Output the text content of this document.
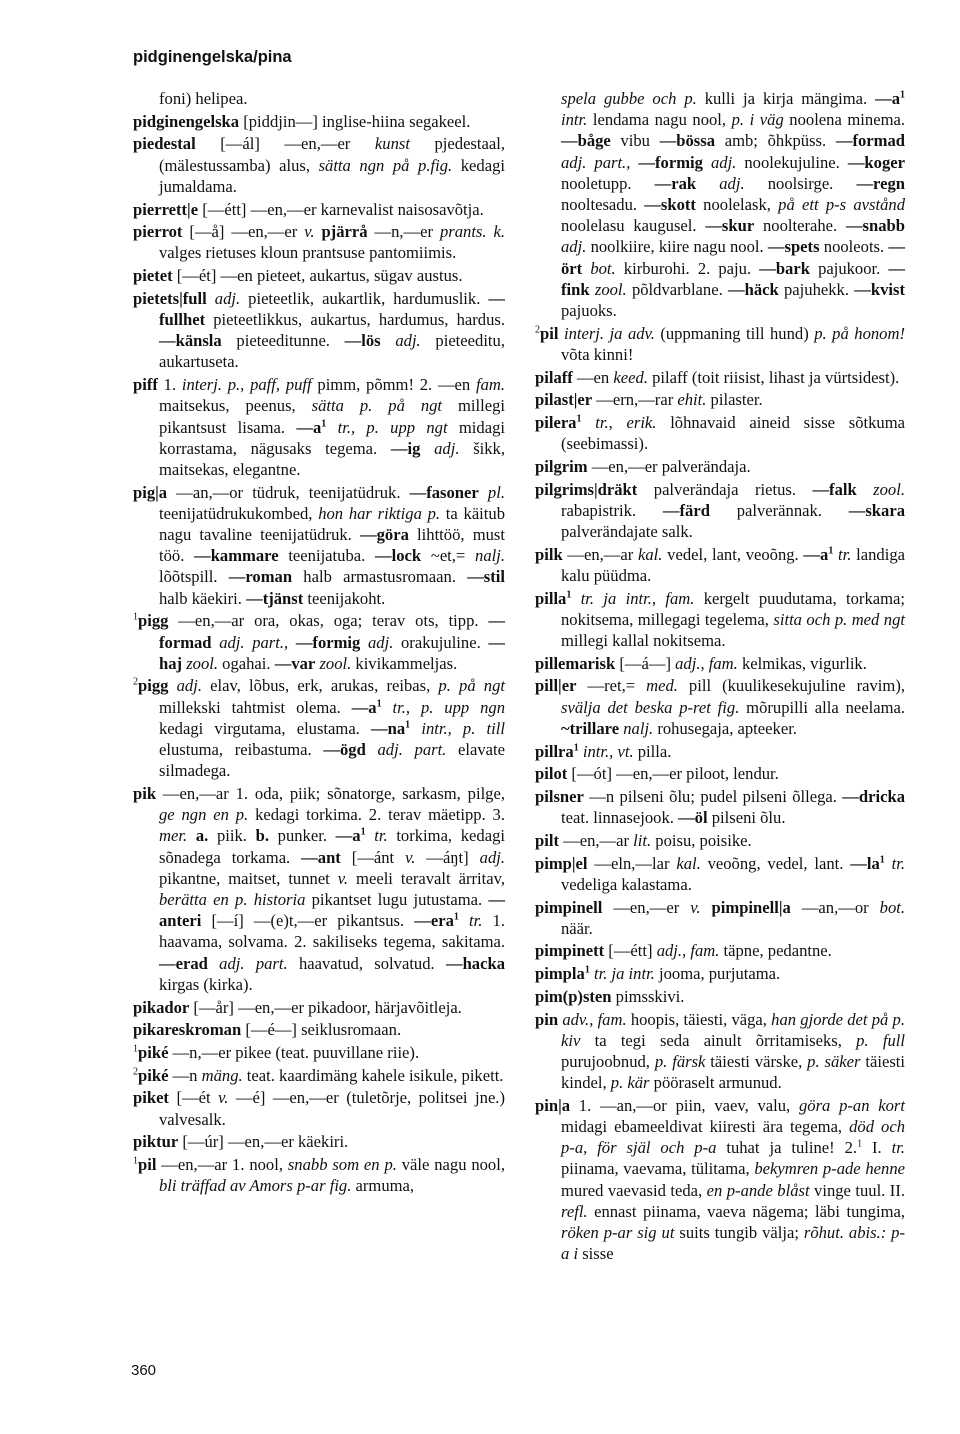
pidginengelska/pina
foni) helipea.
pidginengelska [piddjin—] inglise-hiina segakeel.
piedestal [—ál] —en,—er kunst pjedestaal, (mälestussamba) alus, sätta ngn på p.fig. kedagi jumaldama.
pierrett|e [—étt] —en,—er karnevalist naisosavõtja.
pierrot [—å] —en,—er v. pjärrå —n,—er prants. k. valges rietuses kloun prantsuse pantomiimis.
pietet [—ét] —en pieteet, aukartus, sügav austus.
pietets|full adj. pieteetlik, aukartlik, hardumuslik. —fullhet pieteetlikkus, aukartus, hardumus, hardus. —känsla pieteeditunne. —lös adj. pieteeditu, aukartuseta.
piff 1. interj. p., paff, puff pimm, põmm! 2. —en fam. maitsekus, peenus, sätta p. på ngt millegi pikantsust lisama. $—a^1$ tr., p. upp ngt midagi korrastama, nägusaks tegema. —ig adj. šikk, maitsekas, elegantne.
pig|a —an,—or tüdruk, teenijatüdruk. —fasoner pl. teenijatüdrukukombed, hon har riktiga p. ta käitub nagu tavaline teenijatüdruk. —göra lihttöö, must töö. —kammare teenijatuba. —lock ~et,= nalj. lõõtspill. —roman halb armastusromaan. —stil halb käekiri. —tjänst teenijakoht.
$^1$pigg —en,—ar ora, okas, oga; terav ots, tipp. —formad adj. part., —formig adj. orakujuline. —haj zool. ogahai. —var zool. kivikammeljas.
$^2$pigg adj. elav, lõbus, erk, arukas, reibas, p. på ngt millekski tahtmist olema. $—a^1$ tr., p. upp ngn kedagi virgutama, elustama. $—na^1$ intr., p. till elustuma, reibastuma. —ögd adj. part. elavate silmadega.
pik —en,—ar 1. oda, piik; sõnatorge, sarkasm, pilge, ge ngn en p. kedagi torkima. 2. terav mäetipp. 3. mer. a. piik. b. punker. $—a^1$ tr. torkima, kedagi sõnadega torkama. —ant [—ánt v. —áŋt] adj. pikantne, maitset, tunnet v. meeli teravalt ärritav, berätta en p. historia pikantset lugu jutustama. —anteri [—í] —(e)t,—er pikantsus. —era$^1$ tr. 1. haavama, solvama. 2. sakiliseks tegema, sakitama. —erad adj. part. haavatud, solvatud. —hacka kirgas (kirka).
pikador [—år] —en,—er pikadoor, härjavõitleja.
pikareskroman [—é—] seiklusromaan.
$^1$piké —n,—er pikee (teat. puuvillane riie).
$^2$piké —n mäng. teat. kaardimäng kahele isikule, pikett.
piket [—ét v. —é] —en,—er (tuletõrje, politsei jne.) valvesalk.
piktur [—úr] —en,—er käekiri.
$^1$pil —en,—ar 1. nool, snabb som en p. väle nagu nool, bli träffad av Amors p-ar fig. armuma,
spela gubbe och p. kulli ja kirja mängima. $—a^1$ intr. lendama nagu nool, p. i väg noolena minema. —båge vibu —bössa amb; õhkpüss. —formad adj. part., —formig adj. noolekujuline. —koger nooletupp. —rak adj. noolsirge. —regn nooltesadu. —skott noolelask, på ett p-s avstånd noolelasu kaugusel. —skur noolterahe. —snabb adj. noolkiire, kiire nagu nool. —spets nooleots. —ört bot. kirburohi. 2. paju. —bark pajukoor. —fink zool. põldvarblane. —häck pajuhekk. —kvist pajuoks.
$^2$pil interj. ja adv. (uppmaning till hund) p. på honom! võta kinni!
pilaff —en keed. pilaff (toit riisist, lihast ja vürtsidest).
pilast|er —ern,—rar ehit. pilaster.
pilera$^1$ tr., erik. lõhnavaid aineid sisse sõtkuma (seebimassi).
pilgrim —en,—er palverändaja.
pilgrims|dräkt palverändaja rietus. —falk zool. rabapistrik. —färd palverännak. —skara palverändajate salk.
pilk —en,—ar kal. vedel, lant, veoõng. $—a^1$ tr. landiga kalu püüdma.
pilla$^1$ tr. ja intr., fam. kergelt puudutama, torkama; nokitsema, millegagi tegelema, sitta och p. med ngt millegi kallal nokitsema.
pillemarisk [—á—] adj., fam. kelmikas, vigurlik.
pill|er —ret,= med. pill (kuulikesekujuline ravim), svälja det beska p-ret fig. mõrupilli alla neelama. ~trillare nalj. rohusegaja, apteeker.
pillra$^1$ intr., vt. pilla.
pilot [—ót] —en,—er piloot, lendur.
pilsner —n pilseni õlu; pudel pilseni õllega. —dricka teat. linnasejook. —öl pilseni õlu.
pilt —en,—ar lit. poisu, poisike.
pimp|el —eln,—lar kal. veoõng, vedel, lant. $—la^1$ tr. vedeliga kalastama.
pimpinell —en,—er v. pimpinell|a —an,—or bot. näär.
pimpinett [—étt] adj., fam. täpne, pedantne.
pimpla$^1$ tr. ja intr. jooma, purjutama.
pim(p)sten pimsskivi.
pin adv., fam. hoopis, täiesti, väga, han gjorde det på p. kiv ta tegi seda ainult õrritamiseks, p. full purujoobnud, p. färsk täiesti värske, p. säker täiesti kindel, p. kär pööraselt armunud.
pin|a 1. —an,—or piin, vaev, valu, göra p-an kort midagi ebameeldivat kiiresti ära tegema, död och p-a, för själ och p-a tuhat ja tuline! 2.$^1$ I. tr. piinama, vaevama, tülitama, bekymren p-ade henne mured vaevasid teda, en p-ande blåst vinge tuul. II. refl. ennast piinama, vaeva nägema; läbi tungima, röken p-ar sig ut suits tungib välja; rõhut. abis.: p-a i sisse
360
